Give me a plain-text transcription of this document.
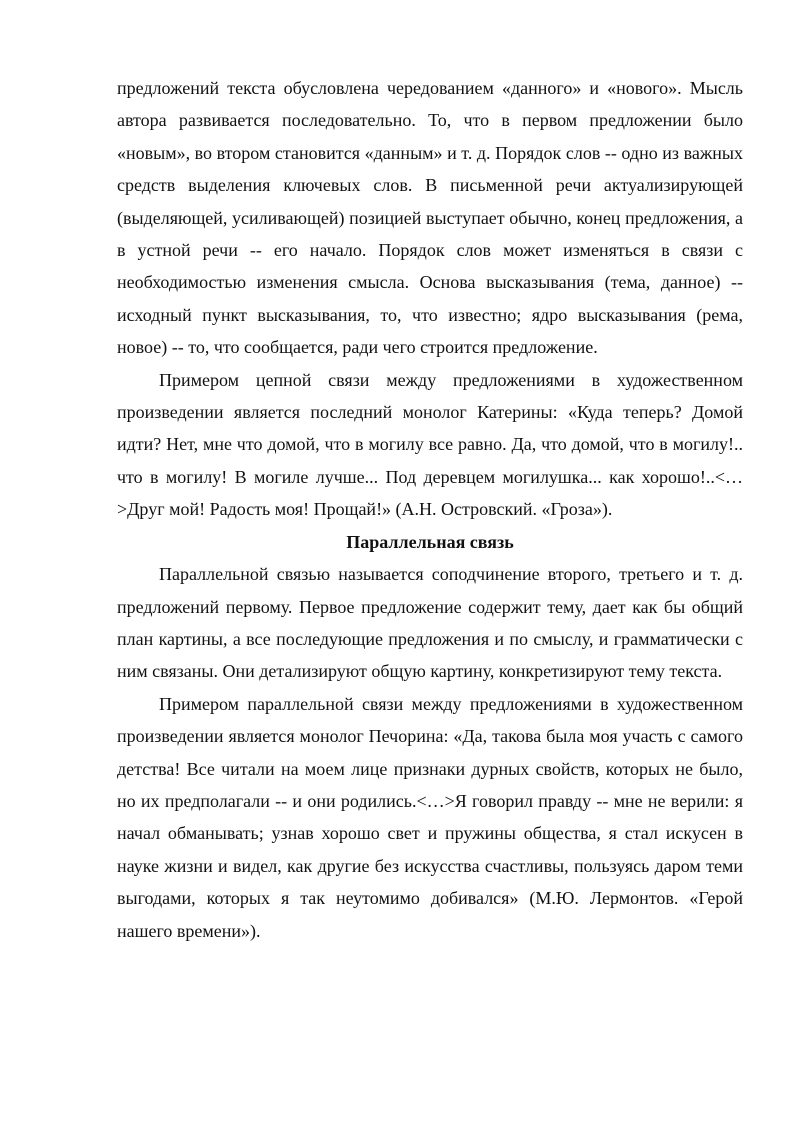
предложений текста обусловлена чередованием «данного» и «нового». Мысль автора развивается последовательно. То, что в первом предложении было «новым», во втором становится «данным» и т. д. Порядок слов -- одно из важных средств выделения ключевых слов. В письменной речи актуализирующей (выделяющей, усиливающей) позицией выступает обычно, конец предложения, а в устной речи -- его начало. Порядок слов может изменяться в связи с необходимостью изменения смысла. Основа высказывания (тема, данное) -- исходный пункт высказывания, то, что известно; ядро высказывания (рема, новое) -- то, что сообщается, ради чего строится предложение.

Примером цепной связи между предложениями в художественном произведении является последний монолог Катерины: «Куда теперь? Домой идти? Нет, мне что домой, что в могилу все равно. Да, что домой, что в могилу!.. что в могилу! В могиле лучше... Под деревцем могилушка... как хорошо!..<…>Друг мой! Радость моя! Прощай!» (А.Н. Островский. «Гроза»).

Параллельная связь

Параллельной связью называется соподчинение второго, третьего и т. д. предложений первому. Первое предложение содержит тему, дает как бы общий план картины, а все последующие предложения и по смыслу, и грамматически с ним связаны. Они детализируют общую картину, конкретизируют тему текста.

Примером параллельной связи между предложениями в художественном произведении является монолог Печорина: «Да, такова была моя участь с самого детства! Все читали на моем лице признаки дурных свойств, которых не было, но их предполагали -- и они родились.<…>Я говорил правду -- мне не верили: я начал обманывать; узнав хорошо свет и пружины общества, я стал искусен в науке жизни и видел, как другие без искусства счастливы, пользуясь даром теми выгодами, которых я так неутомимо добивался» (М.Ю. Лермонтов. «Герой нашего времени»).
